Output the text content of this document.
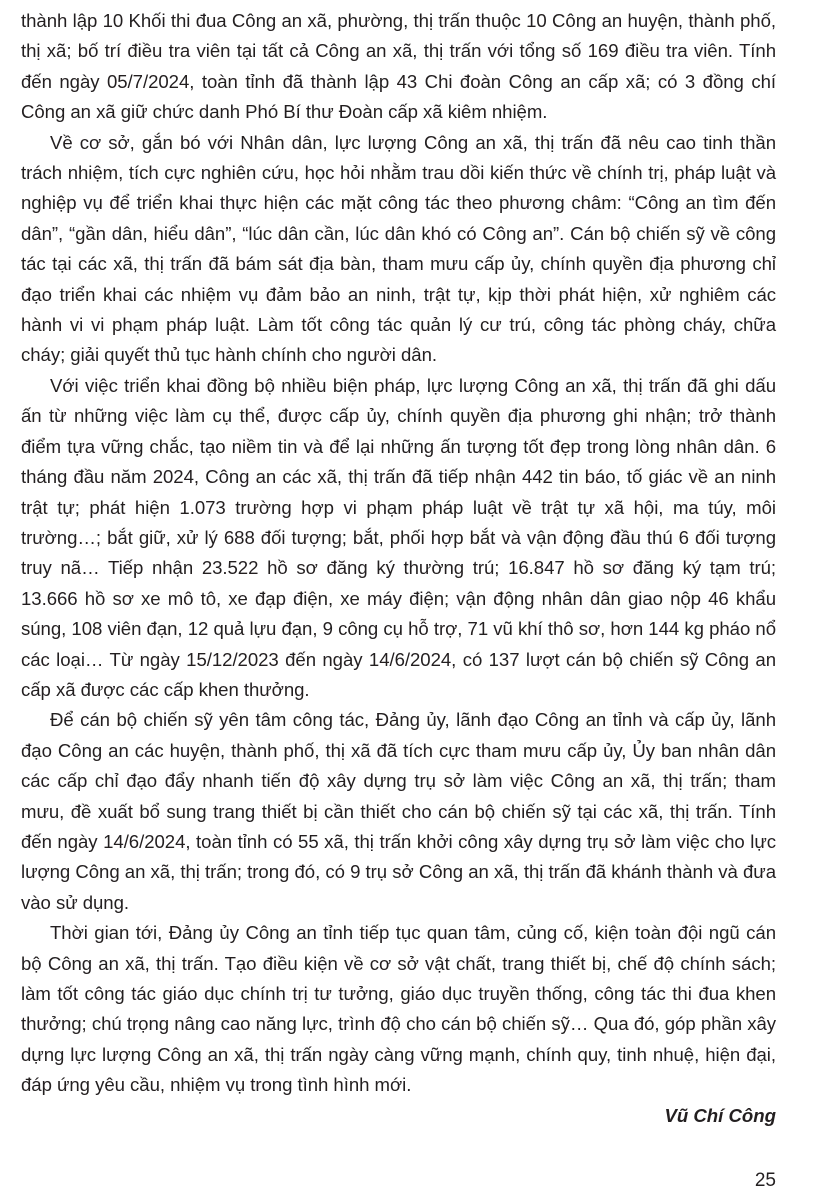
thành lập 10 Khối thi đua Công an xã, phường, thị trấn thuộc 10 Công an huyện, thành phố, thị xã; bố trí điều tra viên tại tất cả Công an xã, thị trấn với tổng số 169 điều tra viên. Tính đến ngày 05/7/2024, toàn tỉnh đã thành lập 43 Chi đoàn Công an cấp xã; có 3 đồng chí Công an xã giữ chức danh Phó Bí thư Đoàn cấp xã kiêm nhiệm.

Về cơ sở, gắn bó với Nhân dân, lực lượng Công an xã, thị trấn đã nêu cao tinh thần trách nhiệm, tích cực nghiên cứu, học hỏi nhằm trau dồi kiến thức về chính trị, pháp luật và nghiệp vụ để triển khai thực hiện các mặt công tác theo phương châm: “Công an tìm đến dân”, “gần dân, hiểu dân”, “lúc dân cần, lúc dân khó có Công an”. Cán bộ chiến sỹ về công tác tại các xã, thị trấn đã bám sát địa bàn, tham mưu cấp ủy, chính quyền địa phương chỉ đạo triển khai các nhiệm vụ đảm bảo an ninh, trật tự, kịp thời phát hiện, xử nghiêm các hành vi vi phạm pháp luật. Làm tốt công tác quản lý cư trú, công tác phòng cháy, chữa cháy; giải quyết thủ tục hành chính cho người dân.

Với việc triển khai đồng bộ nhiều biện pháp, lực lượng Công an xã, thị trấn đã ghi dấu ấn từ những việc làm cụ thể, được cấp ủy, chính quyền địa phương ghi nhận; trở thành điểm tựa vững chắc, tạo niềm tin và để lại những ấn tượng tốt đẹp trong lòng nhân dân. 6 tháng đầu năm 2024, Công an các xã, thị trấn đã tiếp nhận 442 tin báo, tố giác về an ninh trật tự; phát hiện 1.073 trường hợp vi phạm pháp luật về trật tự xã hội, ma túy, môi trường…; bắt giữ, xử lý 688 đối tượng; bắt, phối hợp bắt và vận động đầu thú 6 đối tượng truy nã… Tiếp nhận 23.522 hồ sơ đăng ký thường trú; 16.847 hồ sơ đăng ký tạm trú; 13.666 hồ sơ xe mô tô, xe đạp điện, xe máy điện; vận động nhân dân giao nộp 46 khẩu súng, 108 viên đạn, 12 quả lựu đạn, 9 công cụ hỗ trợ, 71 vũ khí thô sơ, hơn 144 kg pháo nổ các loại… Từ ngày 15/12/2023 đến ngày 14/6/2024, có 137 lượt cán bộ chiến sỹ Công an cấp xã được các cấp khen thưởng.

Để cán bộ chiến sỹ yên tâm công tác, Đảng ủy, lãnh đạo Công an tỉnh và cấp ủy, lãnh đạo Công an các huyện, thành phố, thị xã đã tích cực tham mưu cấp ủy, Ủy ban nhân dân các cấp chỉ đạo đẩy nhanh tiến độ xây dựng trụ sở làm việc Công an xã, thị trấn; tham mưu, đề xuất bổ sung trang thiết bị cần thiết cho cán bộ chiến sỹ tại các xã, thị trấn. Tính đến ngày 14/6/2024, toàn tỉnh có 55 xã, thị trấn khởi công xây dựng trụ sở làm việc cho lực lượng Công an xã, thị trấn; trong đó, có 9 trụ sở Công an xã, thị trấn đã khánh thành và đưa vào sử dụng.

Thời gian tới, Đảng ủy Công an tỉnh tiếp tục quan tâm, củng cố, kiện toàn đội ngũ cán bộ Công an xã, thị trấn. Tạo điều kiện về cơ sở vật chất, trang thiết bị, chế độ chính sách; làm tốt công tác giáo dục chính trị tư tưởng, giáo dục truyền thống, công tác thi đua khen thưởng; chú trọng nâng cao năng lực, trình độ cho cán bộ chiến sỹ… Qua đó, góp phần xây dựng lực lượng Công an xã, thị trấn ngày càng vững mạnh, chính quy, tinh nhuệ, hiện đại, đáp ứng yêu cầu, nhiệm vụ trong tình hình mới.

Vũ Chí Công

25
